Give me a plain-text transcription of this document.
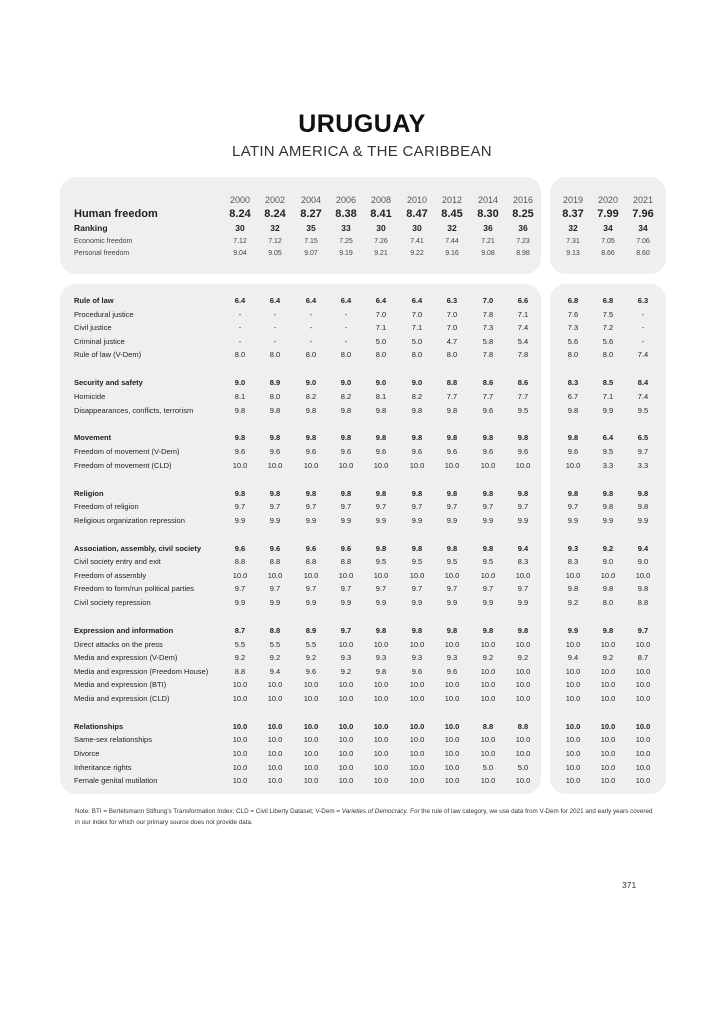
URUGUAY
LATIN AMERICA & THE CARIBBEAN
2000	2002	2004	2006	2008	2010	2012	2014	2016
Human freedom	8.24	8.24	8.27	8.38	8.41	8.47	8.45	8.30	8.25
Ranking	30	32	35	33	30	30	32	36	36
Economic freedom	7.12	7.12	7.15	7.25	7.26	7.41	7.44	7.21	7.23
Personal freedom	9.04	9.05	9.07	9.19	9.21	9.22	9.16	9.08	8.98
2019	2020	2021
8.37	7.99	7.96
32	34	34
7.31	7.05	7.06
9.13	8.66	8.60
Rule of law	6.4	6.4	6.4	6.4	6.4	6.4	6.3	7.0	6.6
Procedural justice	-	-	-	-	7.0	7.0	7.0	7.8	7.1
Civil justice	-	-	-	-	7.1	7.1	7.0	7.3	7.4
Criminal justice	-	-	-	-	5.0	5.0	4.7	5.8	5.4
Rule of law (V-Dem)	8.0	8.0	8.0	8.0	8.0	8.0	8.0	7.8	7.8
Security and safety	9.0	8.9	9.0	9.0	9.0	9.0	8.8	8.6	8.6
Homicide	8.1	8.0	8.2	8.2	8.1	8.2	7.7	7.7	7.7
Disappearances, conflicts, terrorism	9.8	9.8	9.8	9.8	9.8	9.8	9.8	9.6	9.5
Movement	9.8	9.8	9.8	9.8	9.8	9.8	9.8	9.8	9.8
Freedom of movement (V-Dem)	9.6	9.6	9.6	9.6	9.6	9.6	9.6	9.6	9.6
Freedom of movement (CLD)	10.0	10.0	10.0	10.0	10.0	10.0	10.0	10.0	10.0
Religion	9.8	9.8	9.8	9.8	9.8	9.8	9.8	9.8	9.8
Freedom of religion	9.7	9.7	9.7	9.7	9.7	9.7	9.7	9.7	9.7
Religious organization repression	9.9	9.9	9.9	9.9	9.9	9.9	9.9	9.9	9.9
Association, assembly, civil society	9.6	9.6	9.6	9.6	9.8	9.8	9.8	9.8	9.4
Civil society entry and exit	8.8	8.8	8.8	8.8	9.5	9.5	9.5	9.5	8.3
Freedom of assembly	10.0	10.0	10.0	10.0	10.0	10.0	10.0	10.0	10.0
Freedom to form/run political parties	9.7	9.7	9.7	9.7	9.7	9.7	9.7	9.7	9.7
Civil society repression	9.9	9.9	9.9	9.9	9.9	9.9	9.9	9.9	9.9
Expression and information	8.7	8.8	8.9	9.7	9.8	9.8	9.8	9.8	9.8
Direct attacks on the press	5.5	5.5	5.5	10.0	10.0	10.0	10.0	10.0	10.0
Media and expression (V-Dem)	9.2	9.2	9.2	9.3	9.3	9.3	9.3	9.2	9.2
Media and expression (Freedom House)	8.8	9.4	9.6	9.2	9.8	9.6	9.6	10.0	10.0
Media and expression (BTI)	10.0	10.0	10.0	10.0	10.0	10.0	10.0	10.0	10.0
Media and expression (CLD)	10.0	10.0	10.0	10.0	10.0	10.0	10.0	10.0	10.0
Relationships	10.0	10.0	10.0	10.0	10.0	10.0	10.0	8.8	8.8
Same-sex relationships	10.0	10.0	10.0	10.0	10.0	10.0	10.0	10.0	10.0
Divorce	10.0	10.0	10.0	10.0	10.0	10.0	10.0	10.0	10.0
Inheritance rights	10.0	10.0	10.0	10.0	10.0	10.0	10.0	5.0	5.0
Female genital mutilation	10.0	10.0	10.0	10.0	10.0	10.0	10.0	10.0	10.0
6.8	6.8	6.3
7.6	7.5	-
7.3	7.2	-
5.6	5.6	-
8.0	8.0	7.4
8.3	8.5	8.4
6.7	7.1	7.4
9.8	9.9	9.5
9.8	6.4	6.5
9.6	9.5	9.7
10.0	3.3	3.3
9.8	9.8	9.8
9.7	9.8	9.8
9.9	9.9	9.9
9.3	9.2	9.4
8.3	9.0	9.0
10.0	10.0	10.0
9.8	9.8	9.8
9.2	8.0	8.8
9.9	9.8	9.7
10.0	10.0	10.0
9.4	9.2	8.7
10.0	10.0	10.0
10.0	10.0	10.0
10.0	10.0	10.0
10.0	10.0	10.0
10.0	10.0	10.0
10.0	10.0	10.0
10.0	10.0	10.0
10.0	10.0	10.0
Note: BTI = Bertelsmann Stiftung’s Transformation Index; CLD = Civil Liberty Dataset; V-Dem = Varieties of Democracy. For the rule of law category, we use data from V-Dem for 2021 and early years covered in our index for which our primary source does not provide data.
371
